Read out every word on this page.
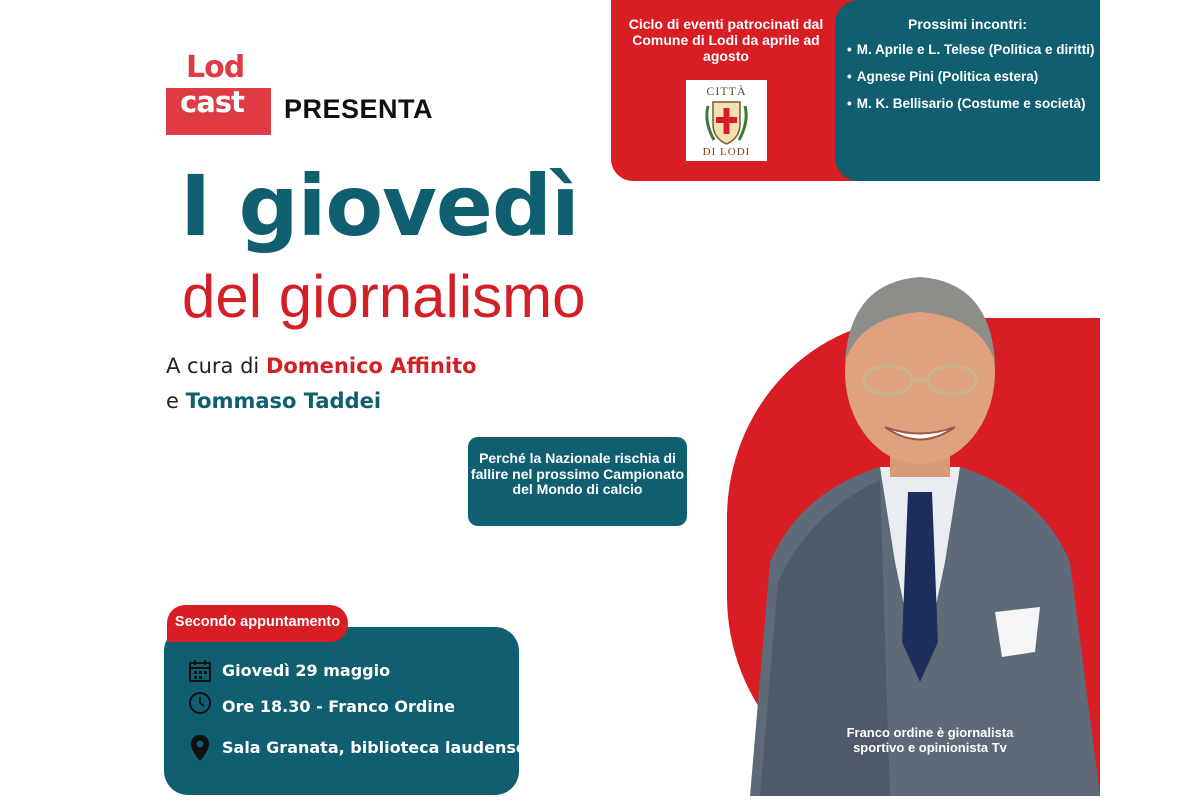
Ciclo di eventi patrocinati dal Comune di Lodi da aprile ad agosto
CITTÀ
DI LODI
Prossimi incontri:
• M. Aprile e L. Telese (Politica e diritti)
• Agnese Pini (Politica estera)
• M. K. Bellisario (Costume e società)
Lod
cast PRESENTA
I giovedì
del giornalismo
A cura di Domenico Affinito
e Tommaso Taddei
Perché la Nazionale rischia di fallire nel prossimo Campionato del Mondo di calcio
Franco ordine è giornalista sportivo e opinionista Tv
Secondo appuntamento
Giovedì 29 maggio
Ore 18.30 - Franco Ordine
Sala Granata, biblioteca laudense
